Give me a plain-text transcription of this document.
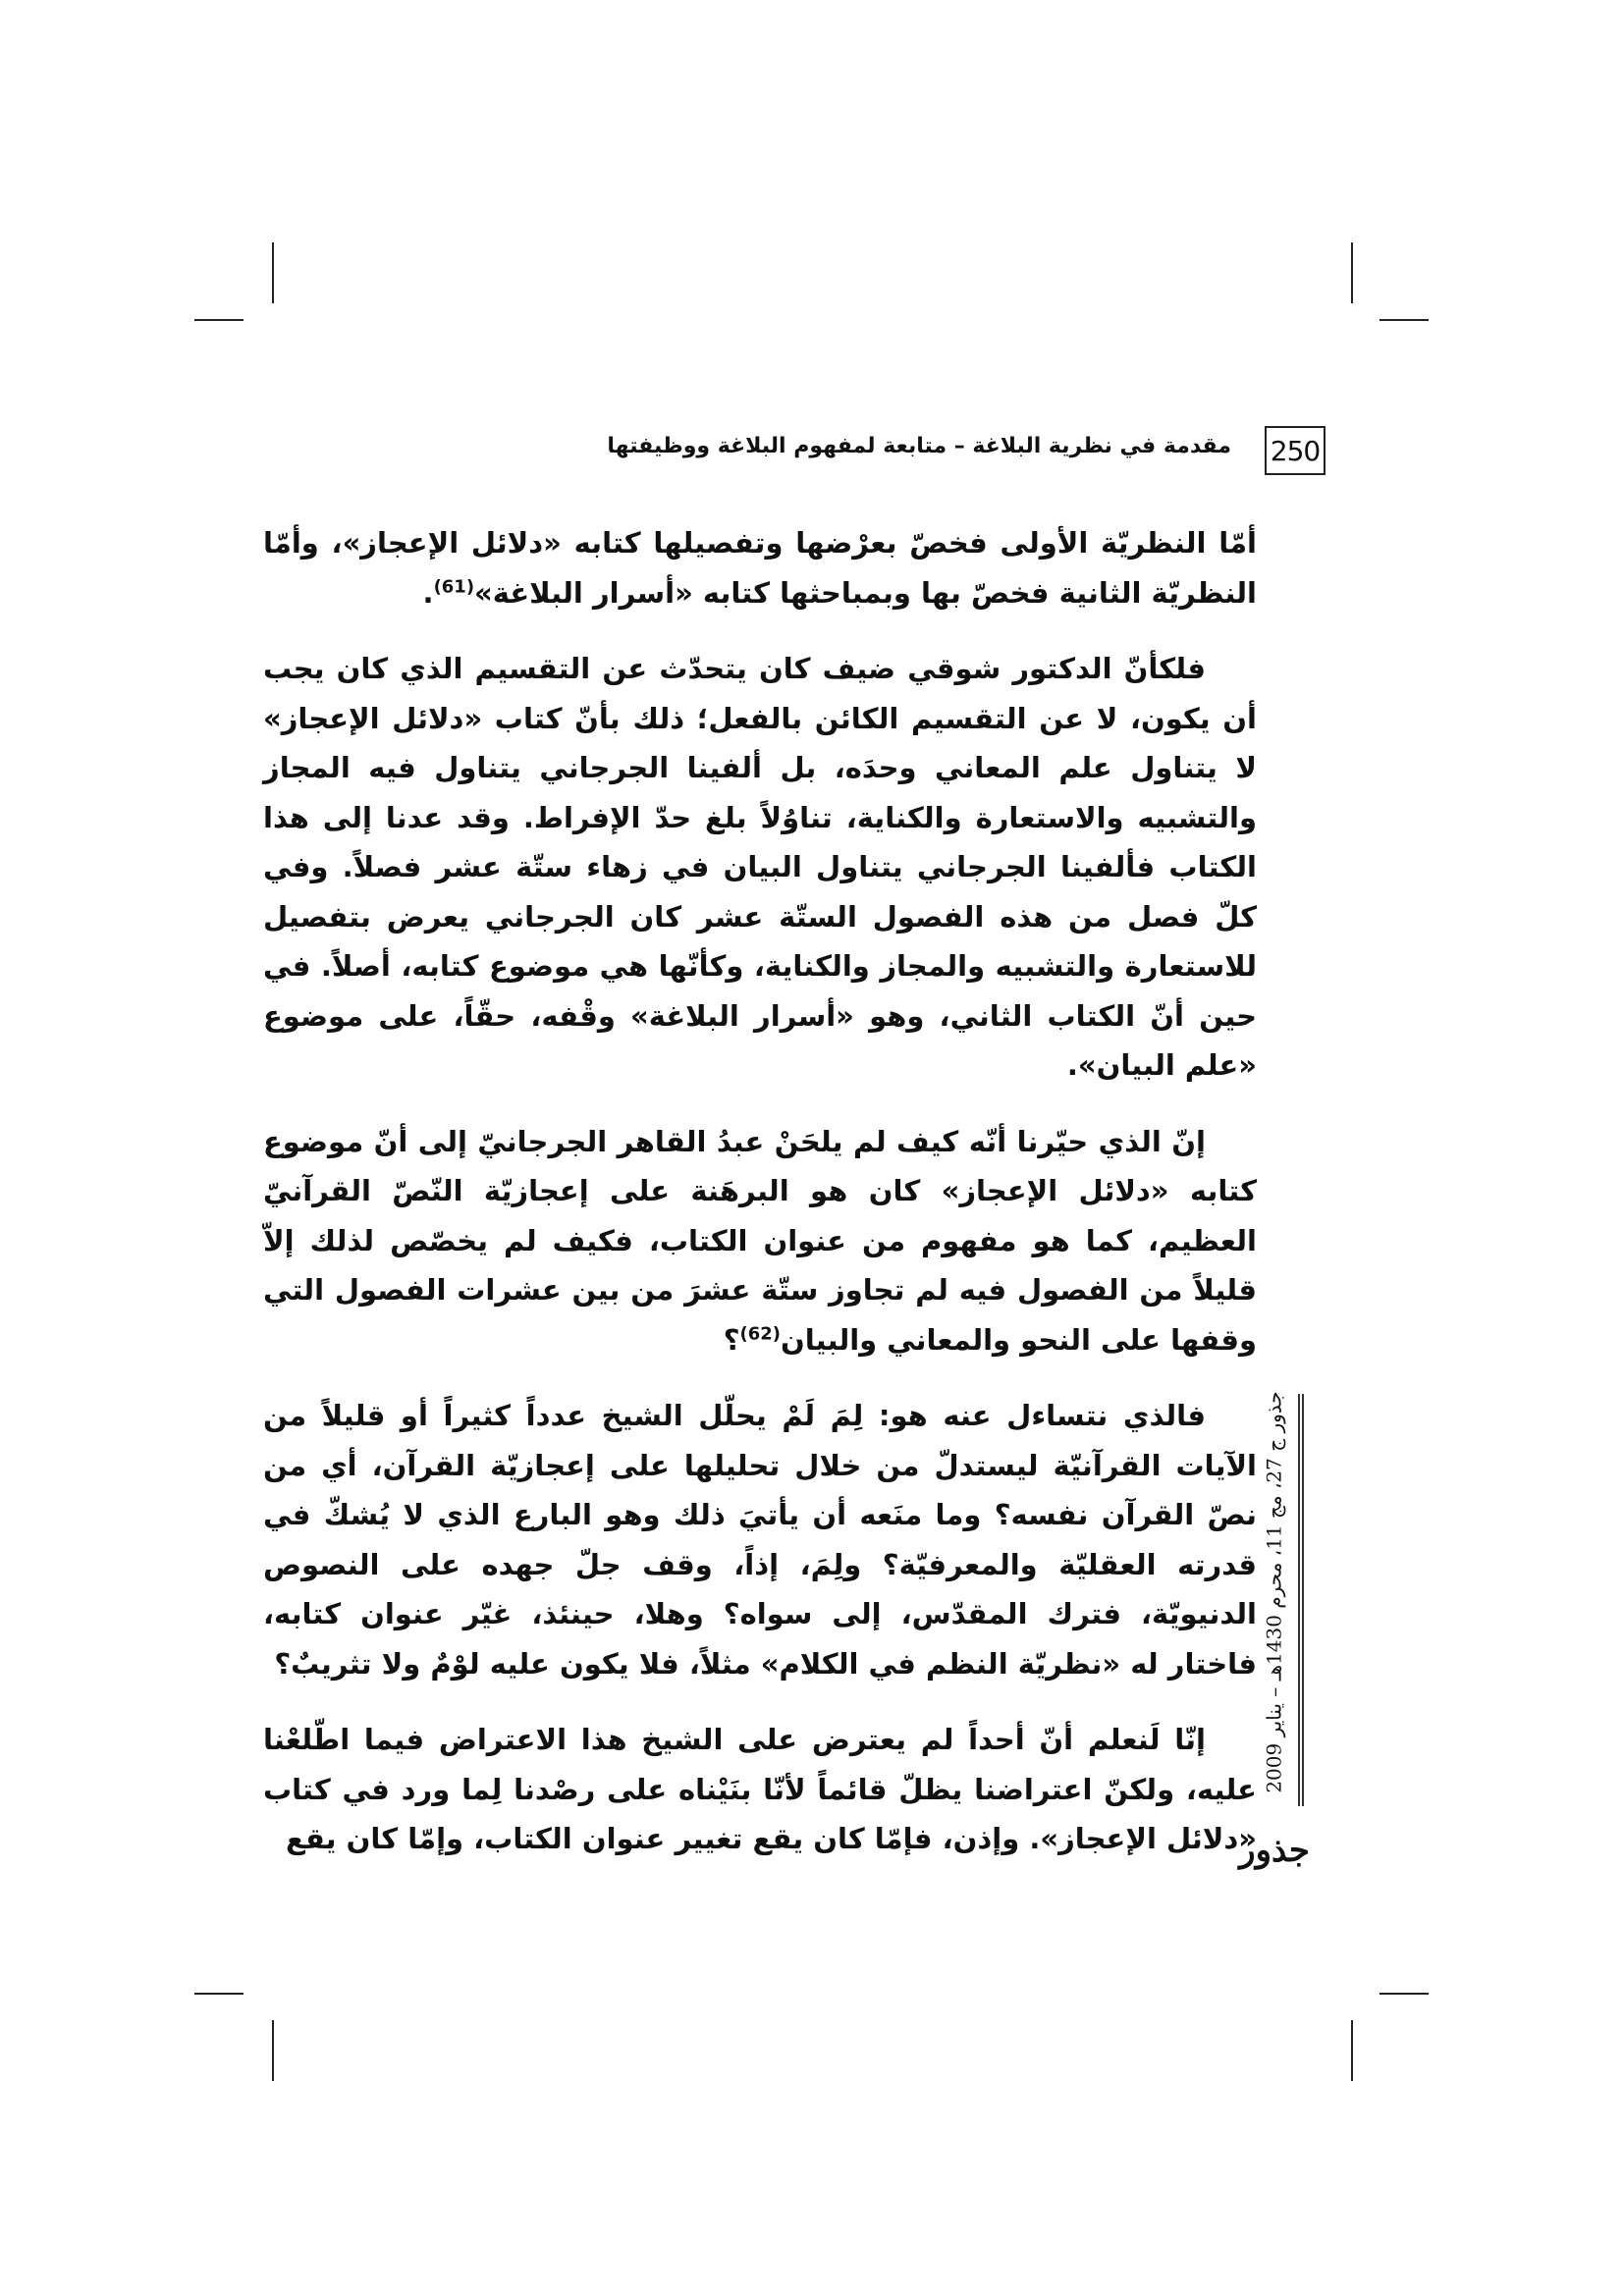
250
مقدمة في نظرية البلاغة – متابعة لمفهوم البلاغة ووظيفتها

أمّا النظريّة الأولى فخصّ بعرْضها وتفصيلها كتابه «دلائل الإعجاز»، وأمّا النظريّة الثانية فخصّ بها وبمباحثها كتابه «أسرار البلاغة»$^{(61)}$.

فلكأنّ الدكتور شوقي ضيف كان يتحدّث عن التقسيم الذي كان يجب أن يكون، لا عن التقسيم الكائن بالفعل؛ ذلك بأنّ كتاب «دلائل الإعجاز» لا يتناول علم المعاني وحدَه، بل ألفينا الجرجاني يتناول فيه المجاز والتشبيه والاستعارة والكناية، تناوُلاً بلغ حدّ الإفراط. وقد عدنا إلى هذا الكتاب فألفينا الجرجاني يتناول البيان في زهاء ستّة عشر فصلاً. وفي كلّ فصل من هذه الفصول الستّة عشر كان الجرجاني يعرض بتفصيل للاستعارة والتشبيه والمجاز والكناية، وكأنّها هي موضوع كتابه، أصلاً. في حين أنّ الكتاب الثاني، وهو «أسرار البلاغة» وقْفه، حقّاً، على موضوع «علم البيان».

إنّ الذي حيّرنا أنّه كيف لم يلحَنْ عبدُ القاهر الجرجانيّ إلى أنّ موضوع كتابه «دلائل الإعجاز» كان هو البرهَنة على إعجازيّة النّصّ القرآنيّ العظيم، كما هو مفهوم من عنوان الكتاب، فكيف لم يخصّص لذلك إلاّ قليلاً من الفصول فيه لم تجاوز ستّة عشرَ من بين عشرات الفصول التي وقفها على النحو والمعاني والبيان$^{(62)}$؟

فالذي نتساءل عنه هو: لِمَ لَمْ يحلّل الشيخ عدداً كثيراً أو قليلاً من الآيات القرآنيّة ليستدلّ من خلال تحليلها على إعجازيّة القرآن، أي من نصّ القرآن نفسه؟ وما منَعه أن يأتيَ ذلك وهو البارع الذي لا يُشكّ في قدرته العقليّة والمعرفيّة؟ ولِمَ، إذاً، وقف جلّ جهده على النصوص الدنيويّة، فترك المقدّس، إلى سواه؟ وهلا، حينئذ، غيّر عنوان كتابه، فاختار له «نظريّة النظم في الكلام» مثلاً، فلا يكون عليه لوْمٌ ولا تثريبٌ؟

إنّا لَنعلم أنّ أحداً لم يعترض على الشيخ هذا الاعتراض فيما اطّلعْنا عليه، ولكنّ اعتراضنا يظلّ قائماً لأنّا بنَيْناه على رصْدنا لِما ورد في كتاب «دلائل الإعجاز». وإذن، فإمّا كان يقع تغيير عنوان الكتاب، وإمّا كان يقع

جذور ج 27، مج 11، محرم 1430هـ – يناير 2009
جذور
